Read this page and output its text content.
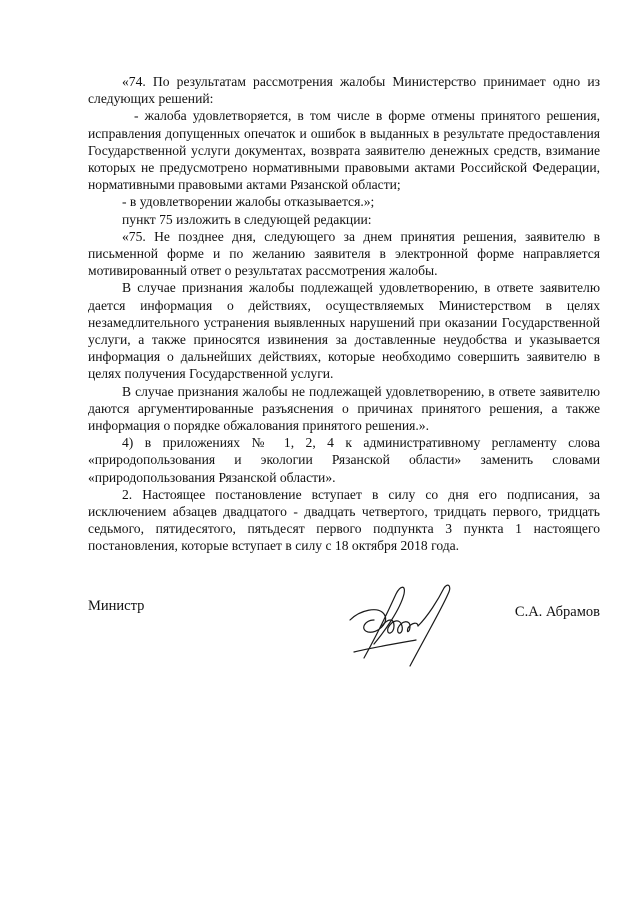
«74. По результатам рассмотрения жалобы Министерство принимает одно из следующих решений:

- жалоба удовлетворяется, в том числе в форме отмены принятого решения, исправления допущенных опечаток и ошибок в выданных в результате предоставления Государственной услуги документах, возврата заявителю денежных средств, взимание которых не предусмотрено нормативными правовыми актами Российской Федерации, нормативными правовыми актами Рязанской области;

- в удовлетворении жалобы отказывается.»;

пункт 75 изложить в следующей редакции:

«75. Не позднее дня, следующего за днем принятия решения, заявителю в письменной форме и по желанию заявителя в электронной форме направляется мотивированный ответ о результатах рассмотрения жалобы.

В случае признания жалобы подлежащей удовлетворению, в ответе заявителю дается информация о действиях, осуществляемых Министерством в целях незамедлительного устранения выявленных нарушений при оказании Государственной услуги, а также приносятся извинения за доставленные неудобства и указывается информация о дальнейших действиях, которые необходимо совершить заявителю в целях получения Государственной услуги.

В случае признания жалобы не подлежащей удовлетворению, в ответе заявителю даются аргументированные разъяснения о причинах принятого решения, а также информация о порядке обжалования принятого решения.».

4) в приложениях № 1, 2, 4 к административному регламенту слова «природопользования и экологии Рязанской области» заменить словами «природопользования Рязанской области».

2. Настоящее постановление вступает в силу со дня его подписания, за исключением абзацев двадцатого - двадцать четвертого, тридцать первого, тридцать седьмого, пятидесятого, пятьдесят первого подпункта 3 пункта 1 настоящего постановления, которые вступает в силу с 18 октября 2018 года.

Министр	С.А. Абрамов
